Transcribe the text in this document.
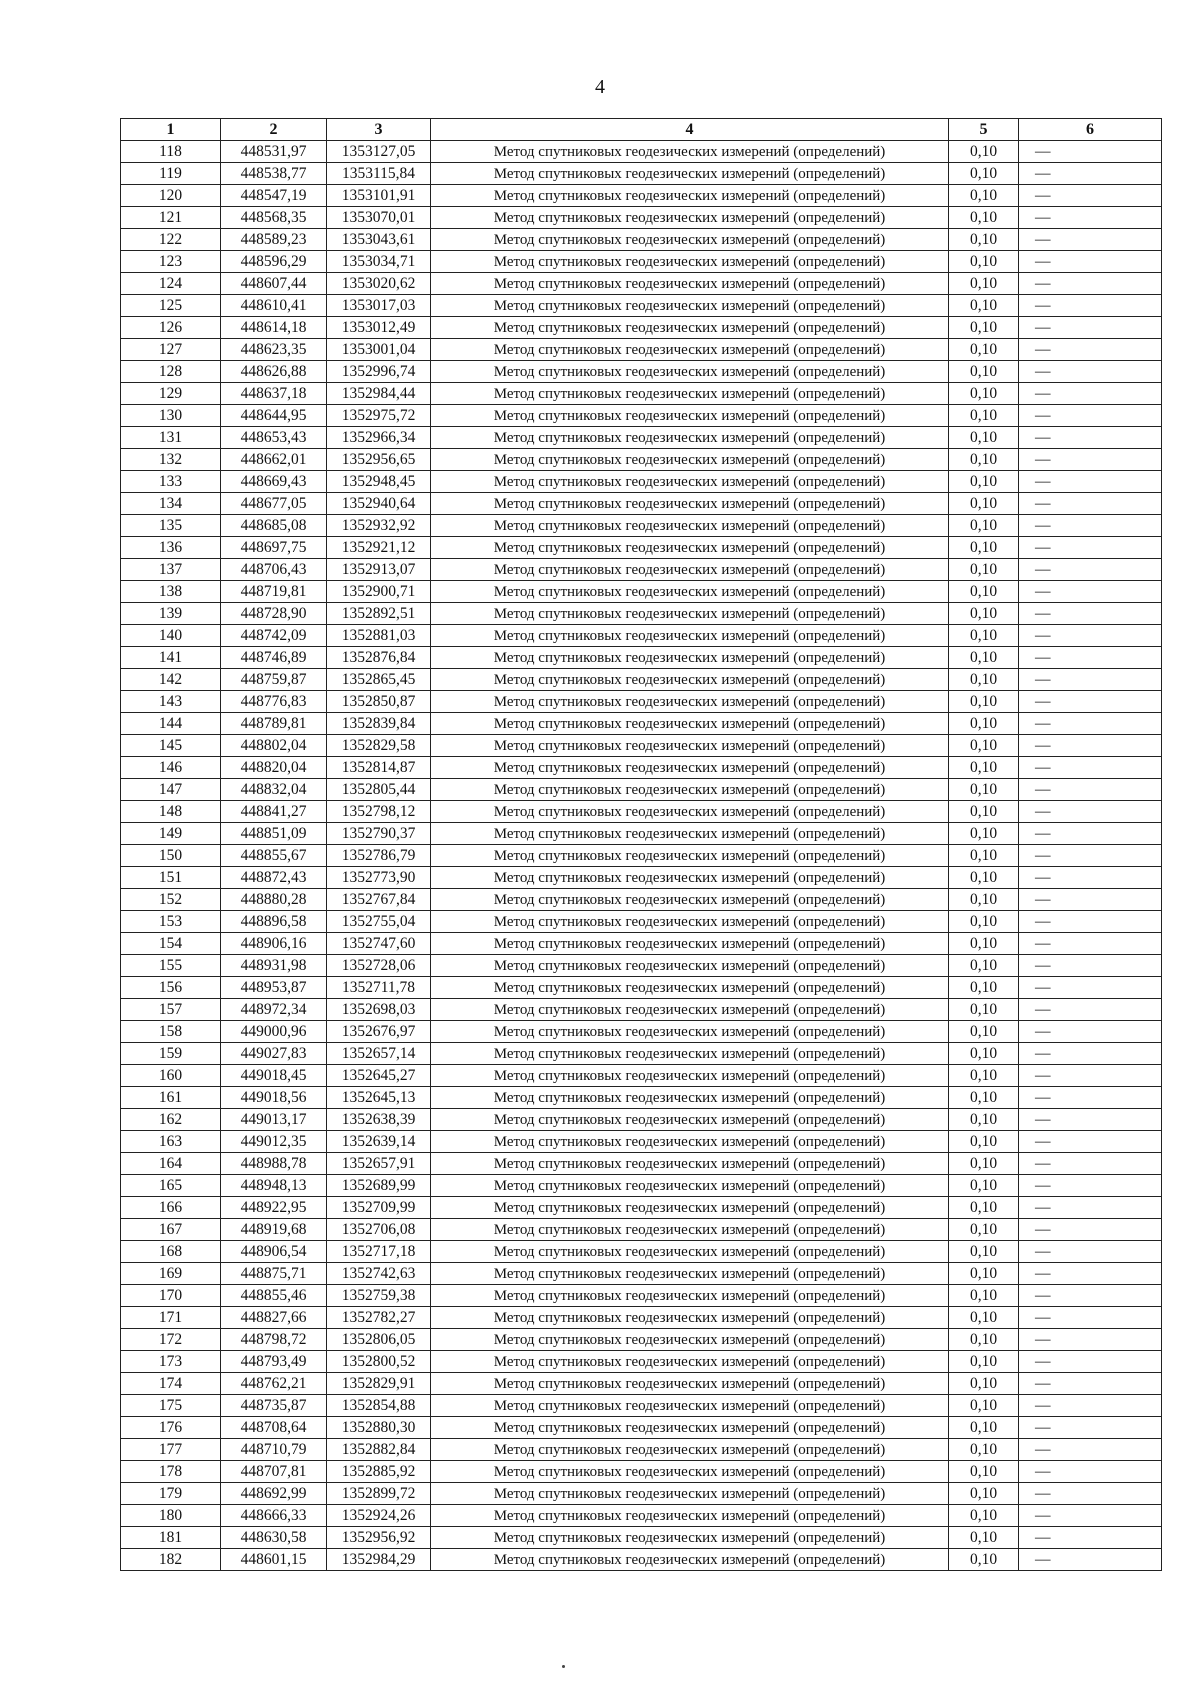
4
1	2	3	4	5	6
118	448531,97	1353127,05	Метод спутниковых геодезических измерений (определений)	0,10	—
119	448538,77	1353115,84	Метод спутниковых геодезических измерений (определений)	0,10	—
120	448547,19	1353101,91	Метод спутниковых геодезических измерений (определений)	0,10	—
121	448568,35	1353070,01	Метод спутниковых геодезических измерений (определений)	0,10	—
122	448589,23	1353043,61	Метод спутниковых геодезических измерений (определений)	0,10	—
123	448596,29	1353034,71	Метод спутниковых геодезических измерений (определений)	0,10	—
124	448607,44	1353020,62	Метод спутниковых геодезических измерений (определений)	0,10	—
125	448610,41	1353017,03	Метод спутниковых геодезических измерений (определений)	0,10	—
126	448614,18	1353012,49	Метод спутниковых геодезических измерений (определений)	0,10	—
127	448623,35	1353001,04	Метод спутниковых геодезических измерений (определений)	0,10	—
128	448626,88	1352996,74	Метод спутниковых геодезических измерений (определений)	0,10	—
129	448637,18	1352984,44	Метод спутниковых геодезических измерений (определений)	0,10	—
130	448644,95	1352975,72	Метод спутниковых геодезических измерений (определений)	0,10	—
131	448653,43	1352966,34	Метод спутниковых геодезических измерений (определений)	0,10	—
132	448662,01	1352956,65	Метод спутниковых геодезических измерений (определений)	0,10	—
133	448669,43	1352948,45	Метод спутниковых геодезических измерений (определений)	0,10	—
134	448677,05	1352940,64	Метод спутниковых геодезических измерений (определений)	0,10	—
135	448685,08	1352932,92	Метод спутниковых геодезических измерений (определений)	0,10	—
136	448697,75	1352921,12	Метод спутниковых геодезических измерений (определений)	0,10	—
137	448706,43	1352913,07	Метод спутниковых геодезических измерений (определений)	0,10	—
138	448719,81	1352900,71	Метод спутниковых геодезических измерений (определений)	0,10	—
139	448728,90	1352892,51	Метод спутниковых геодезических измерений (определений)	0,10	—
140	448742,09	1352881,03	Метод спутниковых геодезических измерений (определений)	0,10	—
141	448746,89	1352876,84	Метод спутниковых геодезических измерений (определений)	0,10	—
142	448759,87	1352865,45	Метод спутниковых геодезических измерений (определений)	0,10	—
143	448776,83	1352850,87	Метод спутниковых геодезических измерений (определений)	0,10	—
144	448789,81	1352839,84	Метод спутниковых геодезических измерений (определений)	0,10	—
145	448802,04	1352829,58	Метод спутниковых геодезических измерений (определений)	0,10	—
146	448820,04	1352814,87	Метод спутниковых геодезических измерений (определений)	0,10	—
147	448832,04	1352805,44	Метод спутниковых геодезических измерений (определений)	0,10	—
148	448841,27	1352798,12	Метод спутниковых геодезических измерений (определений)	0,10	—
149	448851,09	1352790,37	Метод спутниковых геодезических измерений (определений)	0,10	—
150	448855,67	1352786,79	Метод спутниковых геодезических измерений (определений)	0,10	—
151	448872,43	1352773,90	Метод спутниковых геодезических измерений (определений)	0,10	—
152	448880,28	1352767,84	Метод спутниковых геодезических измерений (определений)	0,10	—
153	448896,58	1352755,04	Метод спутниковых геодезических измерений (определений)	0,10	—
154	448906,16	1352747,60	Метод спутниковых геодезических измерений (определений)	0,10	—
155	448931,98	1352728,06	Метод спутниковых геодезических измерений (определений)	0,10	—
156	448953,87	1352711,78	Метод спутниковых геодезических измерений (определений)	0,10	—
157	448972,34	1352698,03	Метод спутниковых геодезических измерений (определений)	0,10	—
158	449000,96	1352676,97	Метод спутниковых геодезических измерений (определений)	0,10	—
159	449027,83	1352657,14	Метод спутниковых геодезических измерений (определений)	0,10	—
160	449018,45	1352645,27	Метод спутниковых геодезических измерений (определений)	0,10	—
161	449018,56	1352645,13	Метод спутниковых геодезических измерений (определений)	0,10	—
162	449013,17	1352638,39	Метод спутниковых геодезических измерений (определений)	0,10	—
163	449012,35	1352639,14	Метод спутниковых геодезических измерений (определений)	0,10	—
164	448988,78	1352657,91	Метод спутниковых геодезических измерений (определений)	0,10	—
165	448948,13	1352689,99	Метод спутниковых геодезических измерений (определений)	0,10	—
166	448922,95	1352709,99	Метод спутниковых геодезических измерений (определений)	0,10	—
167	448919,68	1352706,08	Метод спутниковых геодезических измерений (определений)	0,10	—
168	448906,54	1352717,18	Метод спутниковых геодезических измерений (определений)	0,10	—
169	448875,71	1352742,63	Метод спутниковых геодезических измерений (определений)	0,10	—
170	448855,46	1352759,38	Метод спутниковых геодезических измерений (определений)	0,10	—
171	448827,66	1352782,27	Метод спутниковых геодезических измерений (определений)	0,10	—
172	448798,72	1352806,05	Метод спутниковых геодезических измерений (определений)	0,10	—
173	448793,49	1352800,52	Метод спутниковых геодезических измерений (определений)	0,10	—
174	448762,21	1352829,91	Метод спутниковых геодезических измерений (определений)	0,10	—
175	448735,87	1352854,88	Метод спутниковых геодезических измерений (определений)	0,10	—
176	448708,64	1352880,30	Метод спутниковых геодезических измерений (определений)	0,10	—
177	448710,79	1352882,84	Метод спутниковых геодезических измерений (определений)	0,10	—
178	448707,81	1352885,92	Метод спутниковых геодезических измерений (определений)	0,10	—
179	448692,99	1352899,72	Метод спутниковых геодезических измерений (определений)	0,10	—
180	448666,33	1352924,26	Метод спутниковых геодезических измерений (определений)	0,10	—
181	448630,58	1352956,92	Метод спутниковых геодезических измерений (определений)	0,10	—
182	448601,15	1352984,29	Метод спутниковых геодезических измерений (определений)	0,10	—
